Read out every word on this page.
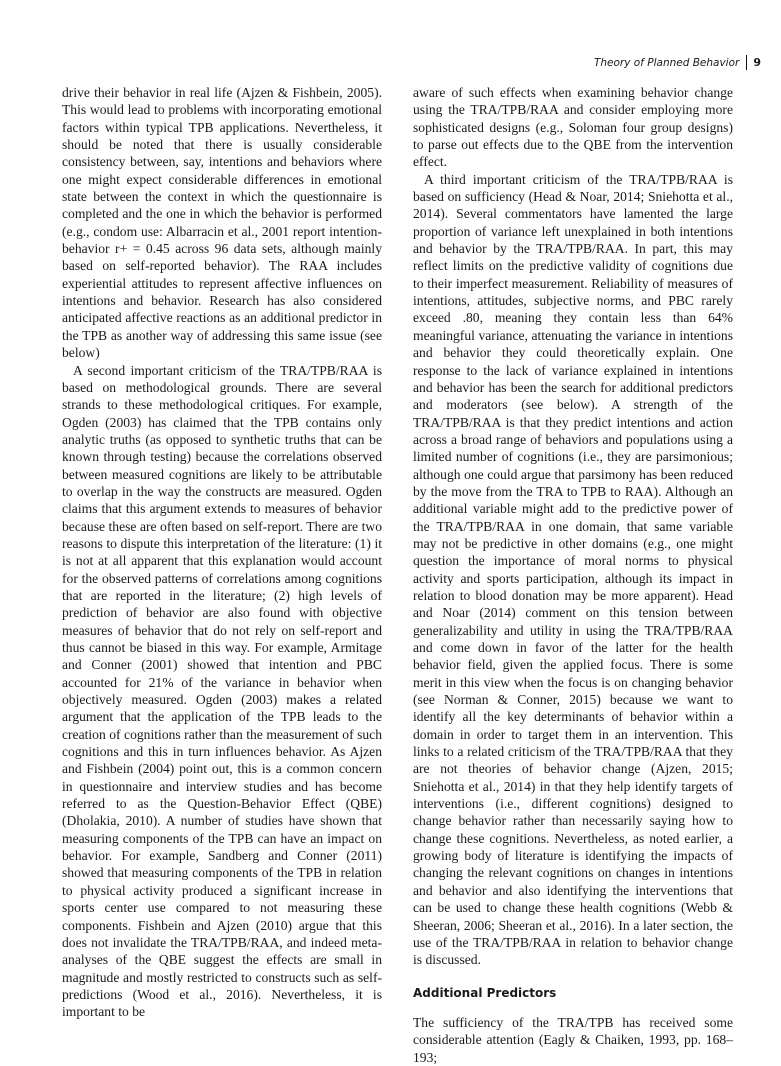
Theory of Planned Behavior 9

drive their behavior in real life (Ajzen & Fishbein, 2005). This would lead to problems with incorporating emotional factors within typical TPB applications. Nevertheless, it should be noted that there is usually considerable consistency between, say, intentions and behaviors where one might expect considerable differences in emotional state between the context in which the questionnaire is completed and the one in which the behavior is performed (e.g., condom use: Albarracin et al., 2001 report intention-behavior r+ = 0.45 across 96 data sets, although mainly based on self-reported behavior). The RAA includes experiential attitudes to represent affective influences on intentions and behavior. Research has also considered anticipated affective reactions as an additional predictor in the TPB as another way of addressing this same issue (see below)

A second important criticism of the TRA/TPB/RAA is based on methodological grounds. There are several strands to these methodological critiques. For example, Ogden (2003) has claimed that the TPB contains only analytic truths (as opposed to synthetic truths that can be known through testing) because the correlations observed between measured cognitions are likely to be attributable to overlap in the way the constructs are measured. Ogden claims that this argument extends to measures of behavior because these are often based on self-report. There are two reasons to dispute this interpretation of the literature: (1) it is not at all apparent that this explanation would account for the observed patterns of correlations among cognitions that are reported in the literature; (2) high levels of prediction of behavior are also found with objective measures of behavior that do not rely on self-report and thus cannot be biased in this way. For example, Armitage and Conner (2001) showed that intention and PBC accounted for 21% of the variance in behavior when objectively measured. Ogden (2003) makes a related argument that the application of the TPB leads to the creation of cognitions rather than the measurement of such cognitions and this in turn influences behavior. As Ajzen and Fishbein (2004) point out, this is a common concern in questionnaire and interview studies and has become referred to as the Question-Behavior Effect (QBE) (Dholakia, 2010). A number of studies have shown that measuring components of the TPB can have an impact on behavior. For example, Sandberg and Conner (2011) showed that measuring components of the TPB in relation to physical activity produced a significant increase in sports center use compared to not measuring these components. Fishbein and Ajzen (2010) argue that this does not invalidate the TRA/TPB/RAA, and indeed meta-analyses of the QBE suggest the effects are small in magnitude and mostly restricted to constructs such as self-predictions (Wood et al., 2016). Nevertheless, it is important to be

aware of such effects when examining behavior change using the TRA/TPB/RAA and consider employing more sophisticated designs (e.g., Soloman four group designs) to parse out effects due to the QBE from the intervention effect.

A third important criticism of the TRA/TPB/RAA is based on sufficiency (Head & Noar, 2014; Sniehotta et al., 2014). Several commentators have lamented the large proportion of variance left unexplained in both intentions and behavior by the TRA/TPB/RAA. In part, this may reflect limits on the predictive validity of cognitions due to their imperfect measurement. Reliability of measures of intentions, attitudes, subjective norms, and PBC rarely exceed .80, meaning they contain less than 64% meaningful variance, attenuating the variance in intentions and behavior they could theoretically explain. One response to the lack of variance explained in intentions and behavior has been the search for additional predictors and moderators (see below). A strength of the TRA/TPB/RAA is that they predict intentions and action across a broad range of behaviors and populations using a limited number of cognitions (i.e., they are parsimonious; although one could argue that parsimony has been reduced by the move from the TRA to TPB to RAA). Although an additional variable might add to the predictive power of the TRA/TPB/RAA in one domain, that same variable may not be predictive in other domains (e.g., one might question the importance of moral norms to physical activity and sports participation, although its impact in relation to blood donation may be more apparent). Head and Noar (2014) comment on this tension between generalizability and utility in using the TRA/TPB/RAA and come down in favor of the latter for the health behavior field, given the applied focus. There is some merit in this view when the focus is on changing behavior (see Norman & Conner, 2015) because we want to identify all the key determinants of behavior within a domain in order to target them in an intervention. This links to a related criticism of the TRA/TPB/RAA that they are not theories of behavior change (Ajzen, 2015; Sniehotta et al., 2014) in that they help identify targets of interventions (i.e., different cognitions) designed to change behavior rather than necessarily saying how to change these cognitions. Nevertheless, as noted earlier, a growing body of literature is identifying the impacts of changing the relevant cognitions on changes in intentions and behavior and also identifying the interventions that can be used to change these health cognitions (Webb & Sheeran, 2006; Sheeran et al., 2016). In a later section, the use of the TRA/TPB/RAA in relation to behavior change is discussed.

Additional Predictors

The sufficiency of the TRA/TPB has received some considerable attention (Eagly & Chaiken, 1993, pp. 168–193;
